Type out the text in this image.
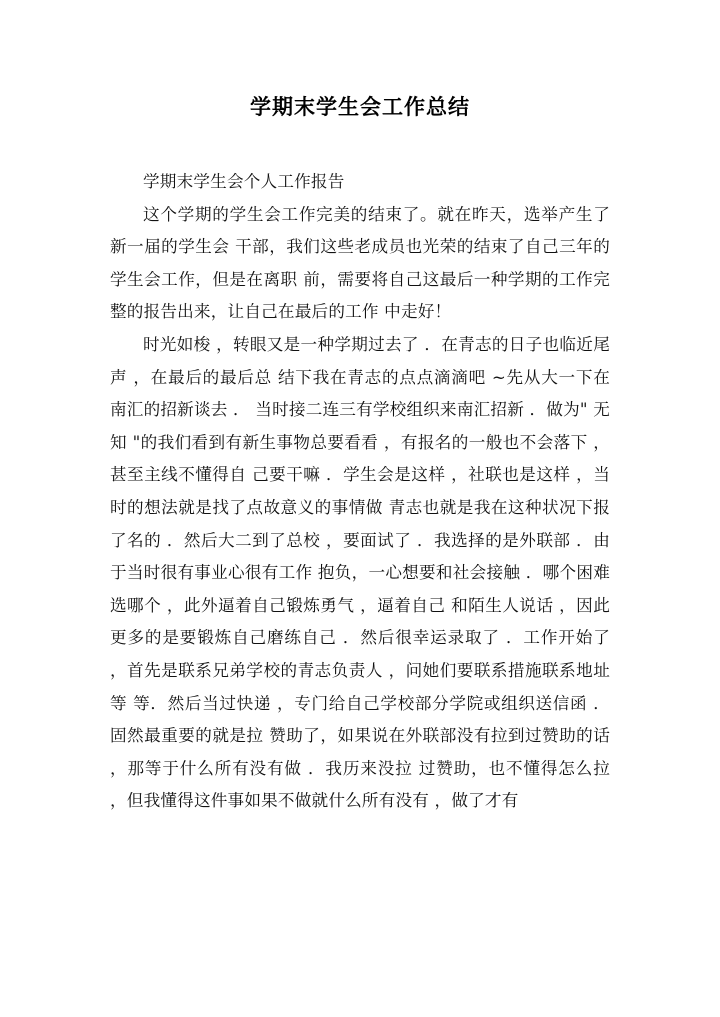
学期末学生会工作总结

学期末学生会个人工作报告

这个学期的学生会工作完美的结束了。就在昨天，选举产生了新一届的学生会 干部，我们这些老成员也光荣的结束了自己三年的学生会工作，但是在离职 前，需要将自己这最后一种学期的工作完整的报告出来，让自己在最后的工作 中走好！

时光如梭 ，转眼又是一种学期过去了 ．在青志的日子也临近尾声 ，在最后的最后总 结下我在青志的点点滴滴吧 ~先从大一下在南汇的招新谈去 ． 当时接二连三有学校组织来南汇招新 ．做为" 无知 "的我们看到有新生事物总要看看 ，有报名的一般也不会落下 ，甚至主线不懂得自 己要干嘛 ．学生会是这样 ，社联也是这样 ，当时的想法就是找了点故意义的事情做 青志也就是我在这种状况下报了名的 ．然后大二到了总校 ，要面试了 ．我选择的是外联部 ．由于当时很有事业心很有工作 抱负，一心想要和社会接触 ．哪个困难选哪个 ，此外逼着自己锻炼勇气 ，逼着自己 和陌生人说话 ，因此更多的是要锻炼自己磨练自己 ．然后很幸运录取了 ．工作开始了 ，首先是联系兄弟学校的青志负责人 ，问她们要联系措施联系地址等 等．然后当过快递 ，专门给自己学校部分学院或组织送信函 ．固然最重要的就是拉 赞助了，如果说在外联部没有拉到过赞助的话 ，那等于什么所有没有做 ．我历来没拉 过赞助，也不懂得怎么拉 ，但我懂得这件事如果不做就什么所有没有 ，做了才有
